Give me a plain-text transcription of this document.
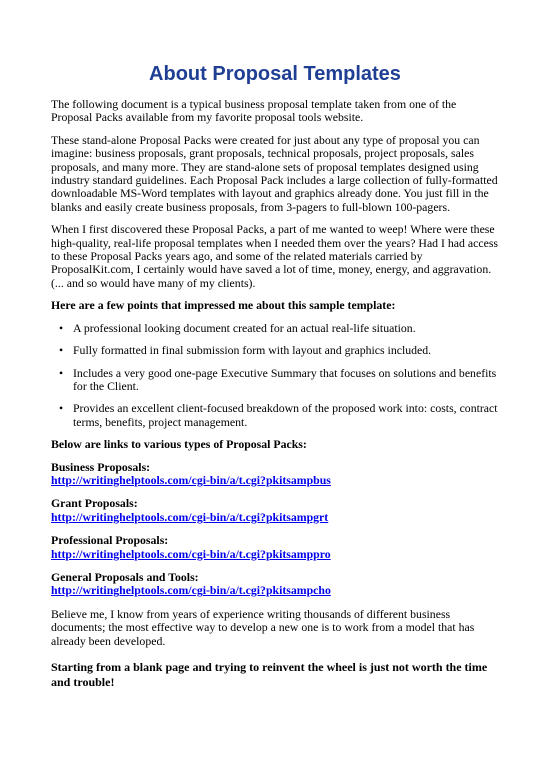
About Proposal Templates

The following document is a typical business proposal template taken from one of the Proposal Packs available from my favorite proposal tools website.

These stand-alone Proposal Packs were created for just about any type of proposal you can imagine: business proposals, grant proposals, technical proposals, project proposals, sales proposals, and many more. They are stand-alone sets of proposal templates designed using industry standard guidelines. Each Proposal Pack includes a large collection of fully-formatted downloadable MS-Word templates with layout and graphics already done. You just fill in the blanks and easily create business proposals, from 3-pagers to full-blown 100-pagers.

When I first discovered these Proposal Packs, a part of me wanted to weep! Where were these high-quality, real-life proposal templates when I needed them over the years? Had I had access to these Proposal Packs years ago, and some of the related materials carried by ProposalKit.com, I certainly would have saved a lot of time, money, energy, and aggravation. (... and so would have many of my clients).

Here are a few points that impressed me about this sample template:

• A professional looking document created for an actual real-life situation.
• Fully formatted in final submission form with layout and graphics included.
• Includes a very good one-page Executive Summary that focuses on solutions and benefits for the Client.
• Provides an excellent client-focused breakdown of the proposed work into: costs, contract terms, benefits, project management.

Below are links to various types of Proposal Packs:

Business Proposals:
http://writinghelptools.com/cgi-bin/a/t.cgi?pkitsampbus
Grant Proposals:
http://writinghelptools.com/cgi-bin/a/t.cgi?pkitsampgrt
Professional Proposals:
http://writinghelptools.com/cgi-bin/a/t.cgi?pkitsamppro
General Proposals and Tools:
http://writinghelptools.com/cgi-bin/a/t.cgi?pkitsampcho

Believe me, I know from years of experience writing thousands of different business documents; the most effective way to develop a new one is to work from a model that has already been developed.

Starting from a blank page and trying to reinvent the wheel is just not worth the time and trouble!
